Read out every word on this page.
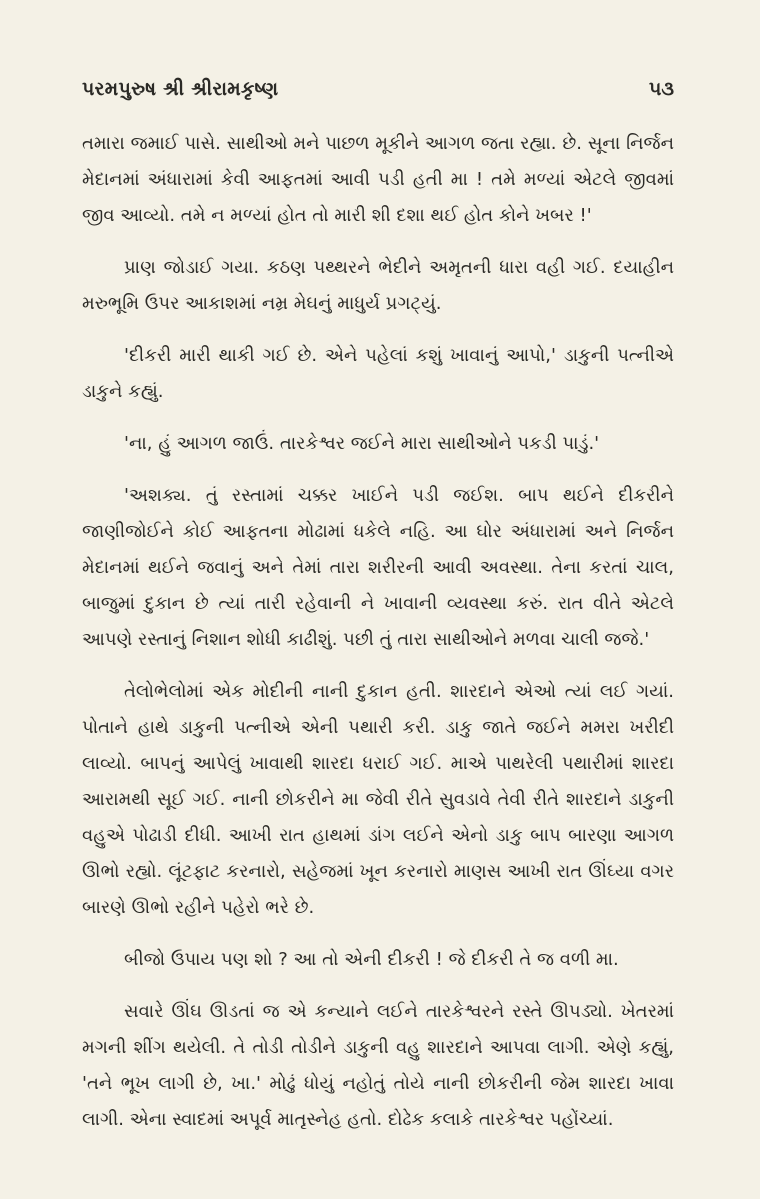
પરમપુરુષ શ્રી શ્રીરામકૃષ્ણ	૫૩

તમારા જમાઈ પાસે. સાથીઓ મને પાછળ મૂકીને આગળ જતા રહ્યા. છે. સૂના નિર્જન મેદાનમાં અંધારામાં કેવી આફતમાં આવી પડી હતી મા ! તમે મળ્યાં એટલે જીવમાં જીવ આવ્યો. તમે ન મળ્યાં હોત તો મારી શી દશા થઈ હોત કોને ખબર !'

પ્રાણ જોડાઈ ગયા. કઠણ પથ્થરને ભેદીને અમૃતની ધારા વહી ગઈ. દયાહીન મરુભૂમિ ઉપર આકાશમાં નમ્ર મેઘનું માધુર્ય પ્રગટ્યું.

'દીકરી મારી થાકી ગઈ છે. એને પહેલાં કશું ખાવાનું આપો,' ડાકુની પત્નીએ ડાકુને કહ્યું.

'ના, હું આગળ જાઉં. તારકેશ્વર જઈને મારા સાથીઓને પકડી પાડું.'

'અશક્ય. તું રસ્તામાં ચક્કર ખાઈને પડી જઈશ. બાપ થઈને દીકરીને જાણીજોઈને કોઈ આફતના મોઢામાં ધકેલે નહિ. આ ઘોર અંધારામાં અને નિર્જન મેદાનમાં થઈને જવાનું અને તેમાં તારા શરીરની આવી અવસ્થા. તેના કરતાં ચાલ, બાજુમાં દુકાન છે ત્યાં તારી રહેવાની ને ખાવાની વ્યવસ્થા કરું. રાત વીતે એટલે આપણે રસ્તાનું નિશાન શોધી કાઢીશું. પછી તું તારા સાથીઓને મળવા ચાલી જજે.'

તેલોભેલોમાં એક મોદીની નાની દુકાન હતી. શારદાને એઓ ત્યાં લઈ ગયાં. પોતાને હાથે ડાકુની પત્નીએ એની પથારી કરી. ડાકુ જાતે જઈને મમરા ખરીદી લાવ્યો. બાપનું આપેલું ખાવાથી શારદા ધરાઈ ગઈ. માએ પાથરેલી પથારીમાં શારદા આરામથી સૂઈ ગઈ. નાની છોકરીને મા જેવી રીતે સુવડાવે તેવી રીતે શારદાને ડાકુની વહુએ પોઢાડી દીધી. આખી રાત હાથમાં ડાંગ લઈને એનો ડાકુ બાપ બારણા આગળ ઊભો રહ્યો. લૂંટફાટ કરનારો, સહેજમાં ખૂન કરનારો માણસ આખી રાત ઊંઘ્યા વગર બારણે ઊભો રહીને પહેરો ભરે છે.

બીજો ઉપાય પણ શો ? આ તો એની દીકરી ! જે દીકરી તે જ વળી મા.

સવારે ઊંઘ ઊડતાં જ એ કન્યાને લઈને તારકેશ્વરને રસ્તે ઊપડ્યો. ખેતરમાં મગની શીંગ થયેલી. તે તોડી તોડીને ડાકુની વહુ શારદાને આપવા લાગી. એણે કહ્યું, 'તને ભૂખ લાગી છે, ખા.' મોઢું ધોયું નહોતું તોયે નાની છોકરીની જેમ શારદા ખાવા લાગી. એના સ્વાદમાં અપૂર્વ માતૃસ્નેહ હતો. દોઢેક કલાકે તારકેશ્વર પહોંચ્યાં.
